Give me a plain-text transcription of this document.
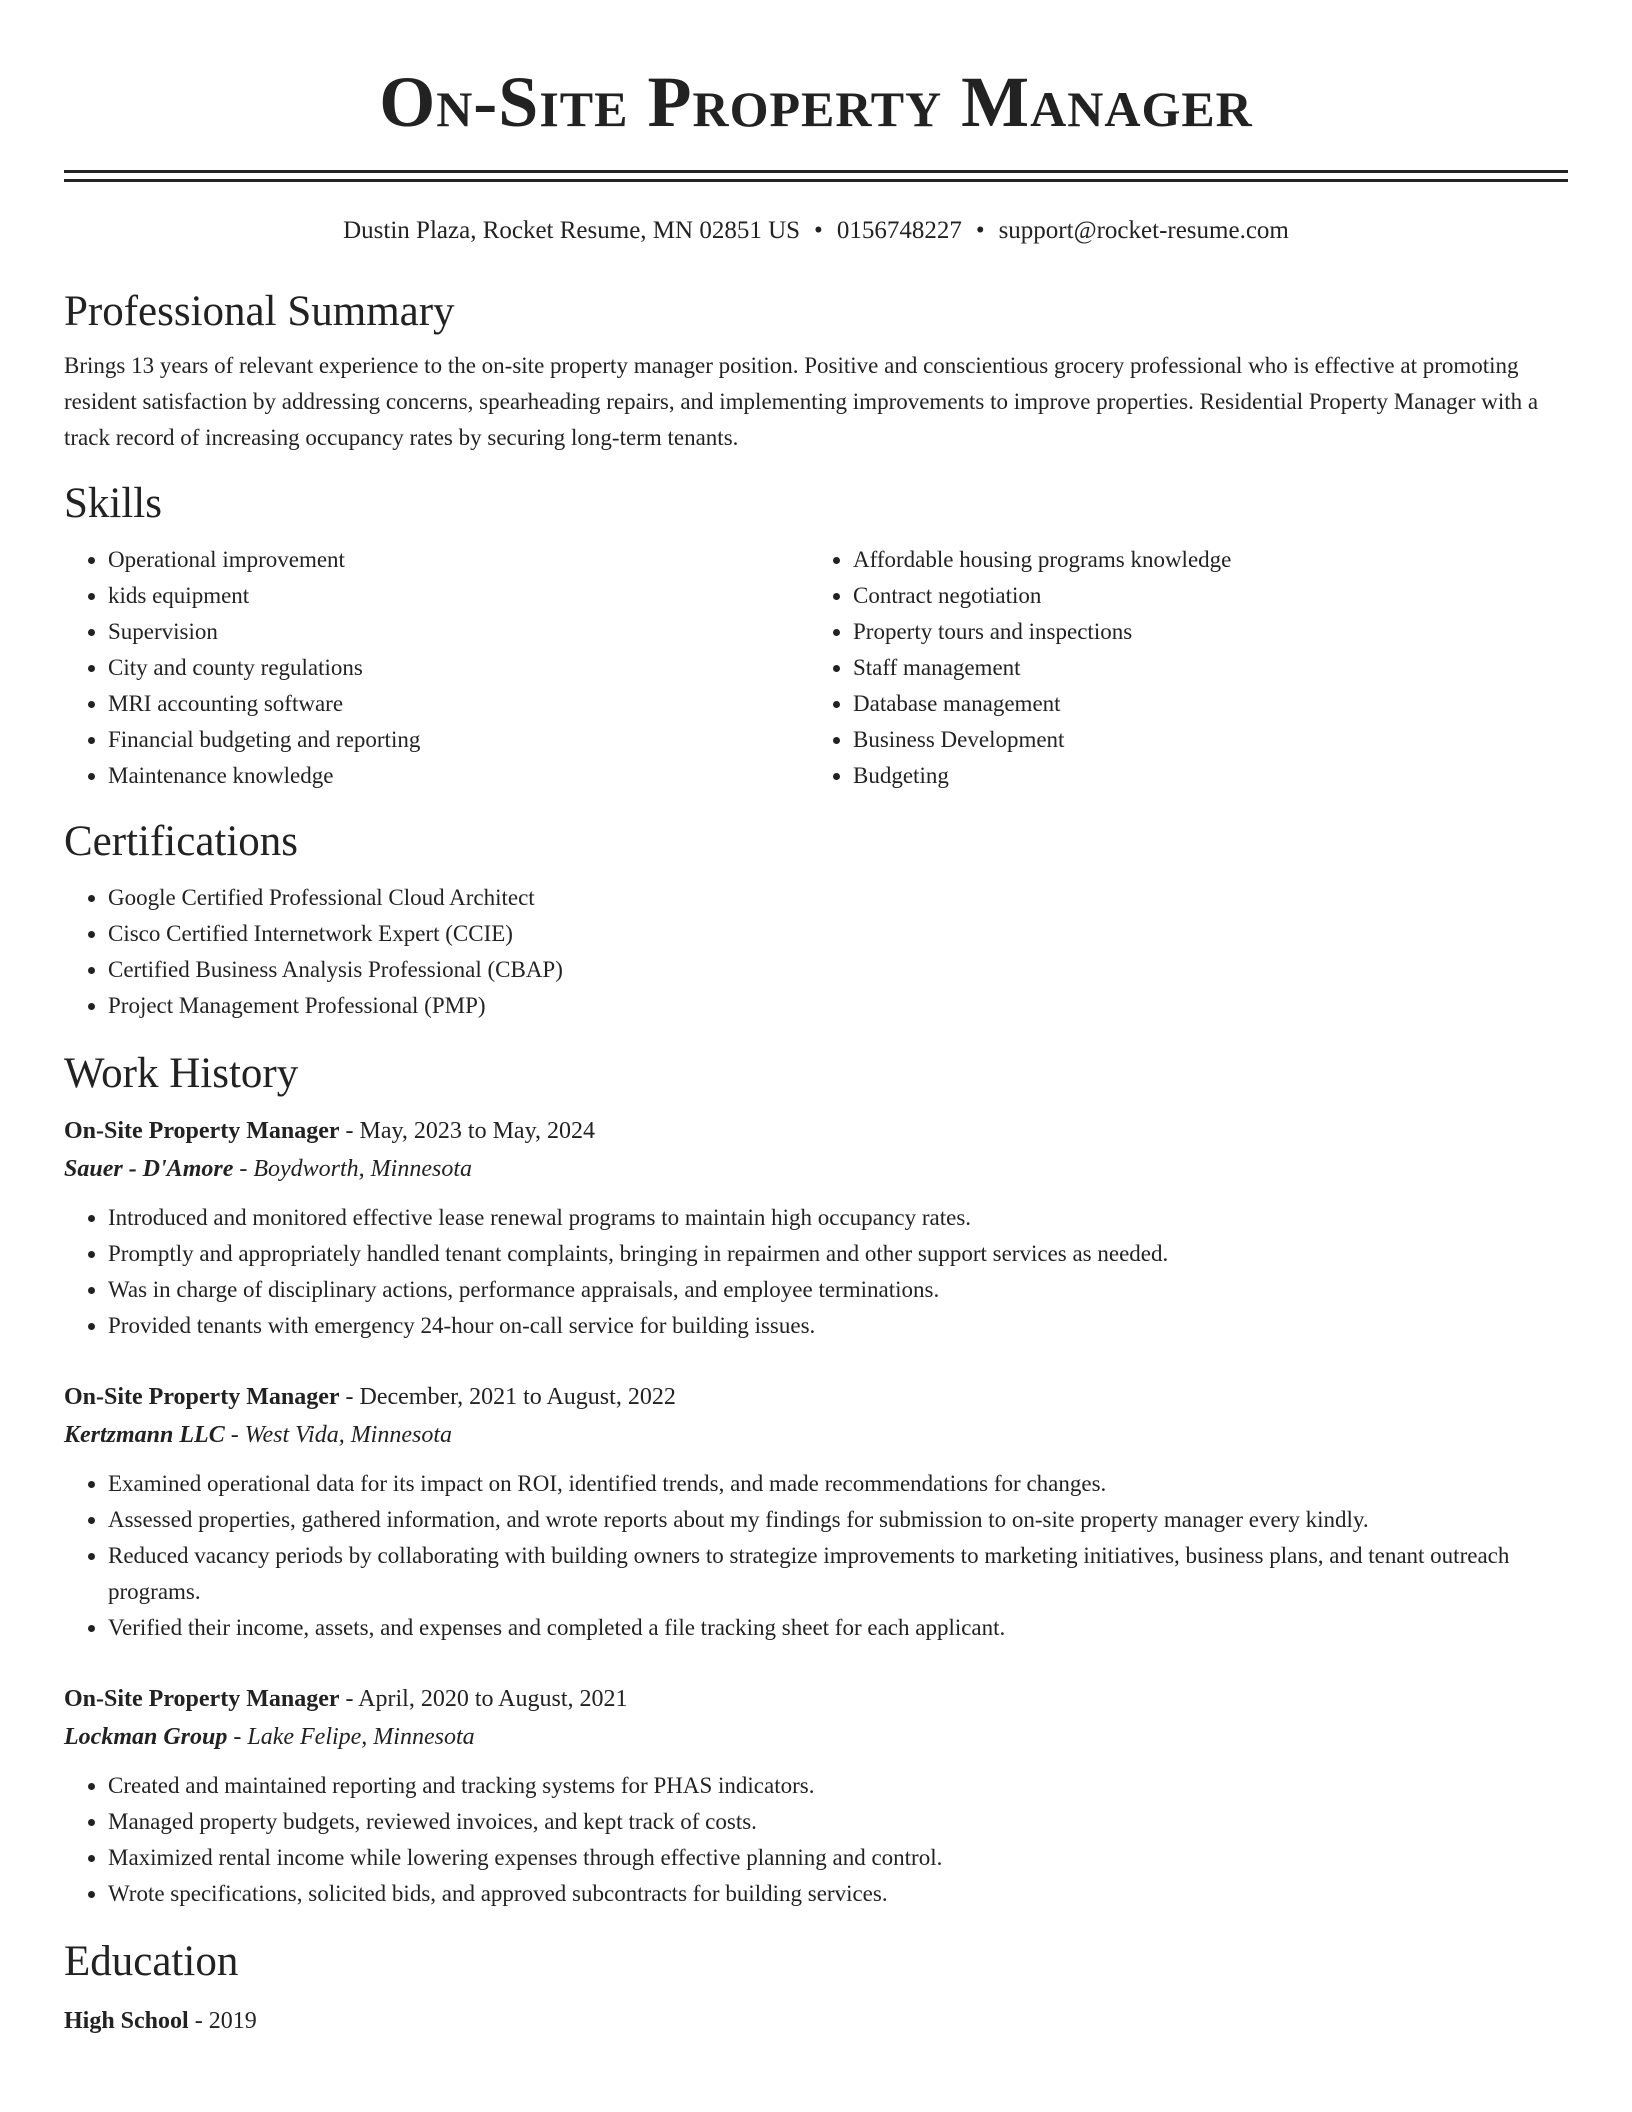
On-Site Property Manager
Dustin Plaza, Rocket Resume, MN 02851 US • 0156748227 • support@rocket-resume.com
Professional Summary

Brings 13 years of relevant experience to the on-site property manager position. Positive and conscientious grocery professional who is effective at promoting resident satisfaction by addressing concerns, spearheading repairs, and implementing improvements to improve properties. Residential Property Manager with a track record of increasing occupancy rates by securing long-term tenants.

Skills
• Operational improvement
• kids equipment
• Supervision
• City and county regulations
• MRI accounting software
• Financial budgeting and reporting
• Maintenance knowledge
• Affordable housing programs knowledge
• Contract negotiation
• Property tours and inspections
• Staff management
• Database management
• Business Development
• Budgeting
Certifications
• Google Certified Professional Cloud Architect
• Cisco Certified Internetwork Expert (CCIE)
• Certified Business Analysis Professional (CBAP)
• Project Management Professional (PMP)
Work History
On-Site Property Manager - May, 2023 to May, 2024
Sauer - D'Amore - Boydworth, Minnesota
• Introduced and monitored effective lease renewal programs to maintain high occupancy rates.
• Promptly and appropriately handled tenant complaints, bringing in repairmen and other support services as needed.
• Was in charge of disciplinary actions, performance appraisals, and employee terminations.
• Provided tenants with emergency 24-hour on-call service for building issues.
On-Site Property Manager - December, 2021 to August, 2022
Kertzmann LLC - West Vida, Minnesota
• Examined operational data for its impact on ROI, identified trends, and made recommendations for changes.
• Assessed properties, gathered information, and wrote reports about my findings for submission to on-site property manager every kindly.
• Reduced vacancy periods by collaborating with building owners to strategize improvements to marketing initiatives, business plans, and tenant outreach programs.
• Verified their income, assets, and expenses and completed a file tracking sheet for each applicant.
On-Site Property Manager - April, 2020 to August, 2021
Lockman Group - Lake Felipe, Minnesota
• Created and maintained reporting and tracking systems for PHAS indicators.
• Managed property budgets, reviewed invoices, and kept track of costs.
• Maximized rental income while lowering expenses through effective planning and control.
• Wrote specifications, solicited bids, and approved subcontracts for building services.
Education
High School - 2019
